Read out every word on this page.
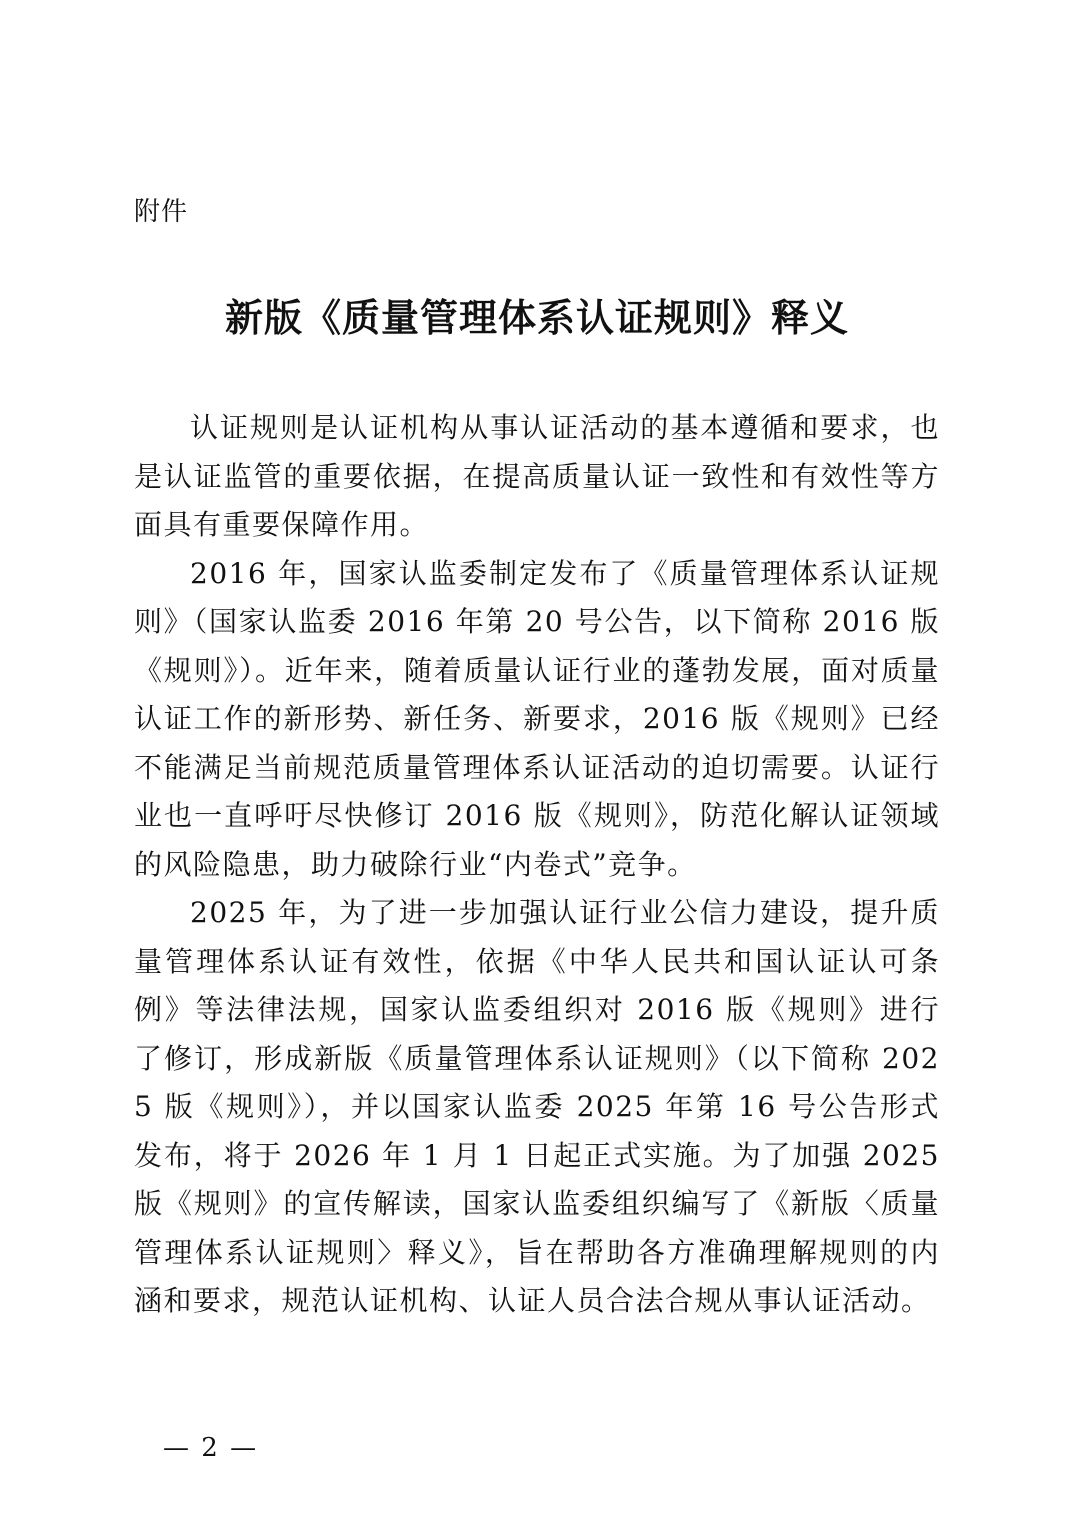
附件
新版《质量管理体系认证规则》释义

认证规则是认证机构从事认证活动的基本遵循和要求，也是认证监管的重要依据，在提高质量认证一致性和有效性等方面具有重要保障作用。

2016 年，国家认监委制定发布了《质量管理体系认证规则》（国家认监委 2016 年第 20 号公告，以下简称 2016 版《规则》）。近年来，随着质量认证行业的蓬勃发展，面对质量认证工作的新形势、新任务、新要求，2016 版《规则》已经不能满足当前规范质量管理体系认证活动的迫切需要。认证行业也一直呼吁尽快修订 2016 版《规则》，防范化解认证领域的风险隐患，助力破除行业“内卷式”竞争。

2025 年，为了进一步加强认证行业公信力建设，提升质量管理体系认证有效性，依据《中华人民共和国认证认可条例》等法律法规，国家认监委组织对 2016 版《规则》进行了修订，形成新版《质量管理体系认证规则》（以下简称 2025 版《规则》），并以国家认监委 2025 年第 16 号公告形式发布，将于 2026 年 1 月 1 日起正式实施。为了加强 2025 版《规则》的宣传解读，国家认监委组织编写了《新版〈质量管理体系认证规则〉释义》，旨在帮助各方准确理解规则的内涵和要求，规范认证机构、认证人员合法合规从事认证活动。

— 2 —
